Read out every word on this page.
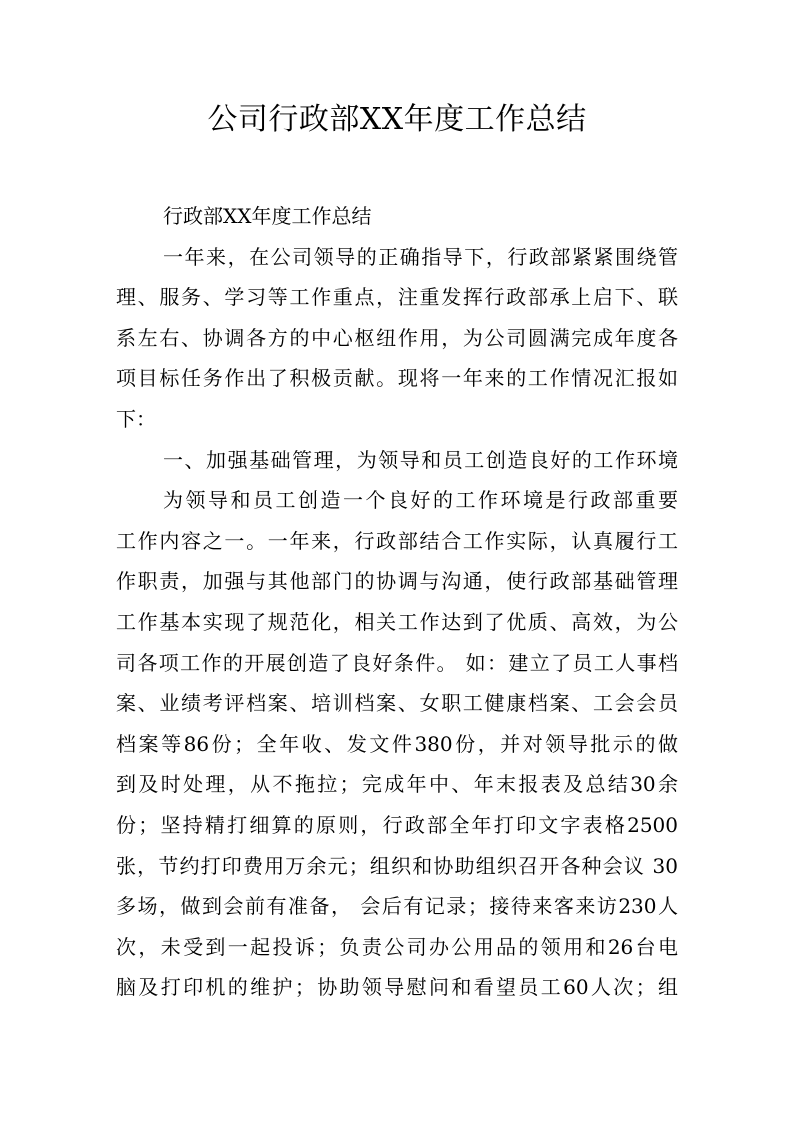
公司行政部XX年度工作总结
行政部XX年度工作总结
一年来，在公司领导的正确指导下，行政部紧紧围绕管
理、服务、学习等工作重点，注重发挥行政部承上启下、联
系左右、协调各方的中心枢纽作用，为公司圆满完成年度各
项目标任务作出了积极贡献。现将一年来的工作情况汇报如
下：
一、加强基础管理，为领导和员工创造良好的工作环境
为领导和员工创造一个良好的工作环境是行政部重要
工作内容之一。一年来，行政部结合工作实际，认真履行工
作职责，加强与其他部门的协调与沟通，使行政部基础管理
工作基本实现了规范化，相关工作达到了优质、高效，为公
司各项工作的开展创造了良好条件。 如：建立了员工人事档
案、业绩考评档案、培训档案、女职工健康档案、工会会员
档案等86份；全年收、发文件380份，并对领导批示的做
到及时处理，从不拖拉；完成年中、年末报表及总结30余
份；坚持精打细算的原则，行政部全年打印文字表格2500
张，节约打印费用万余元；组织和协助组织召开各种会议 30
多场，做到会前有准备， 会后有记录；接待来客来访230人
次，未受到一起投诉；负责公司办公用品的领用和26台电
脑及打印机的维护；协助领导慰问和看望员工60人次；组
